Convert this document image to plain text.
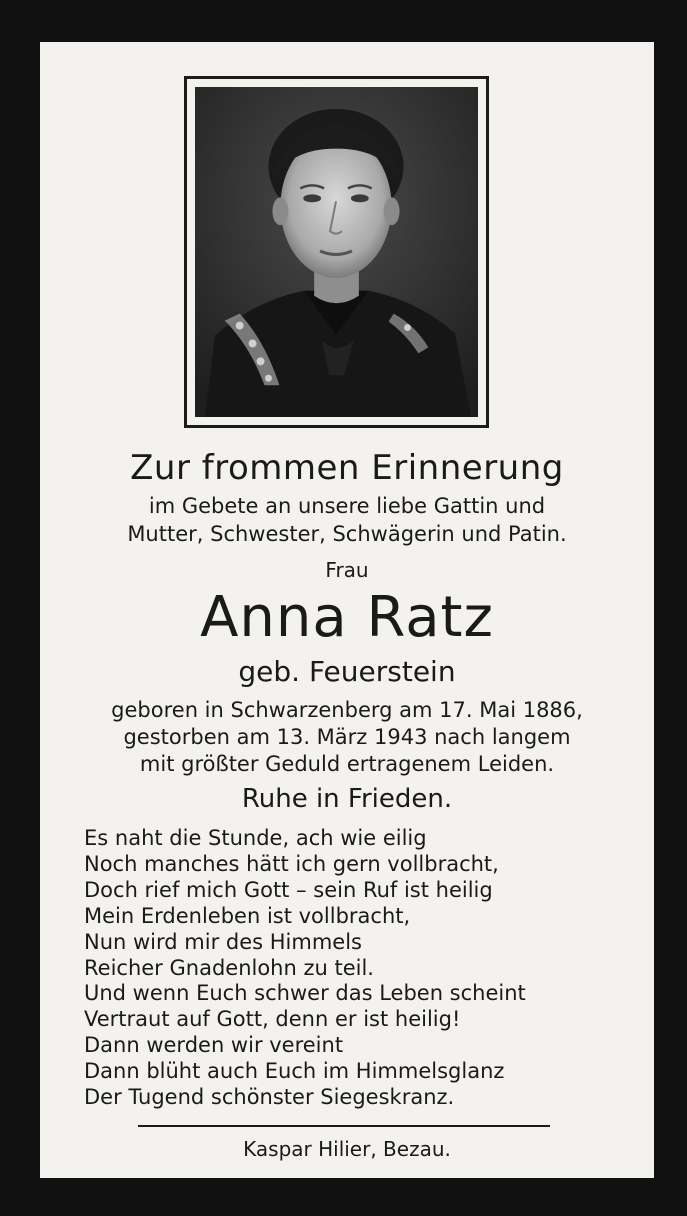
Zur frommen Erinnerung
im Gebete an unsere liebe Gattin und
Mutter, Schwester, Schwägerin und Patin.
Frau
Anna Ratz
geb. Feuerstein
geboren in Schwarzenberg am 17. Mai 1886,
gestorben am 13. März 1943 nach langem
mit größter Geduld ertragenem Leiden.
Ruhe in Frieden.
Es naht die Stunde, ach wie eilig
Noch manches hätt ich gern vollbracht,
Doch rief mich Gott – sein Ruf ist heilig
Mein Erdenleben ist vollbracht,
Nun wird mir des Himmels
Reicher Gnadenlohn zu teil.
Und wenn Euch schwer das Leben scheint
Vertraut auf Gott, denn er ist heilig!
Dann werden wir vereint
Dann blüht auch Euch im Himmelsglanz
Der Tugend schönster Siegeskranz.
Kaspar Hilier, Bezau.
